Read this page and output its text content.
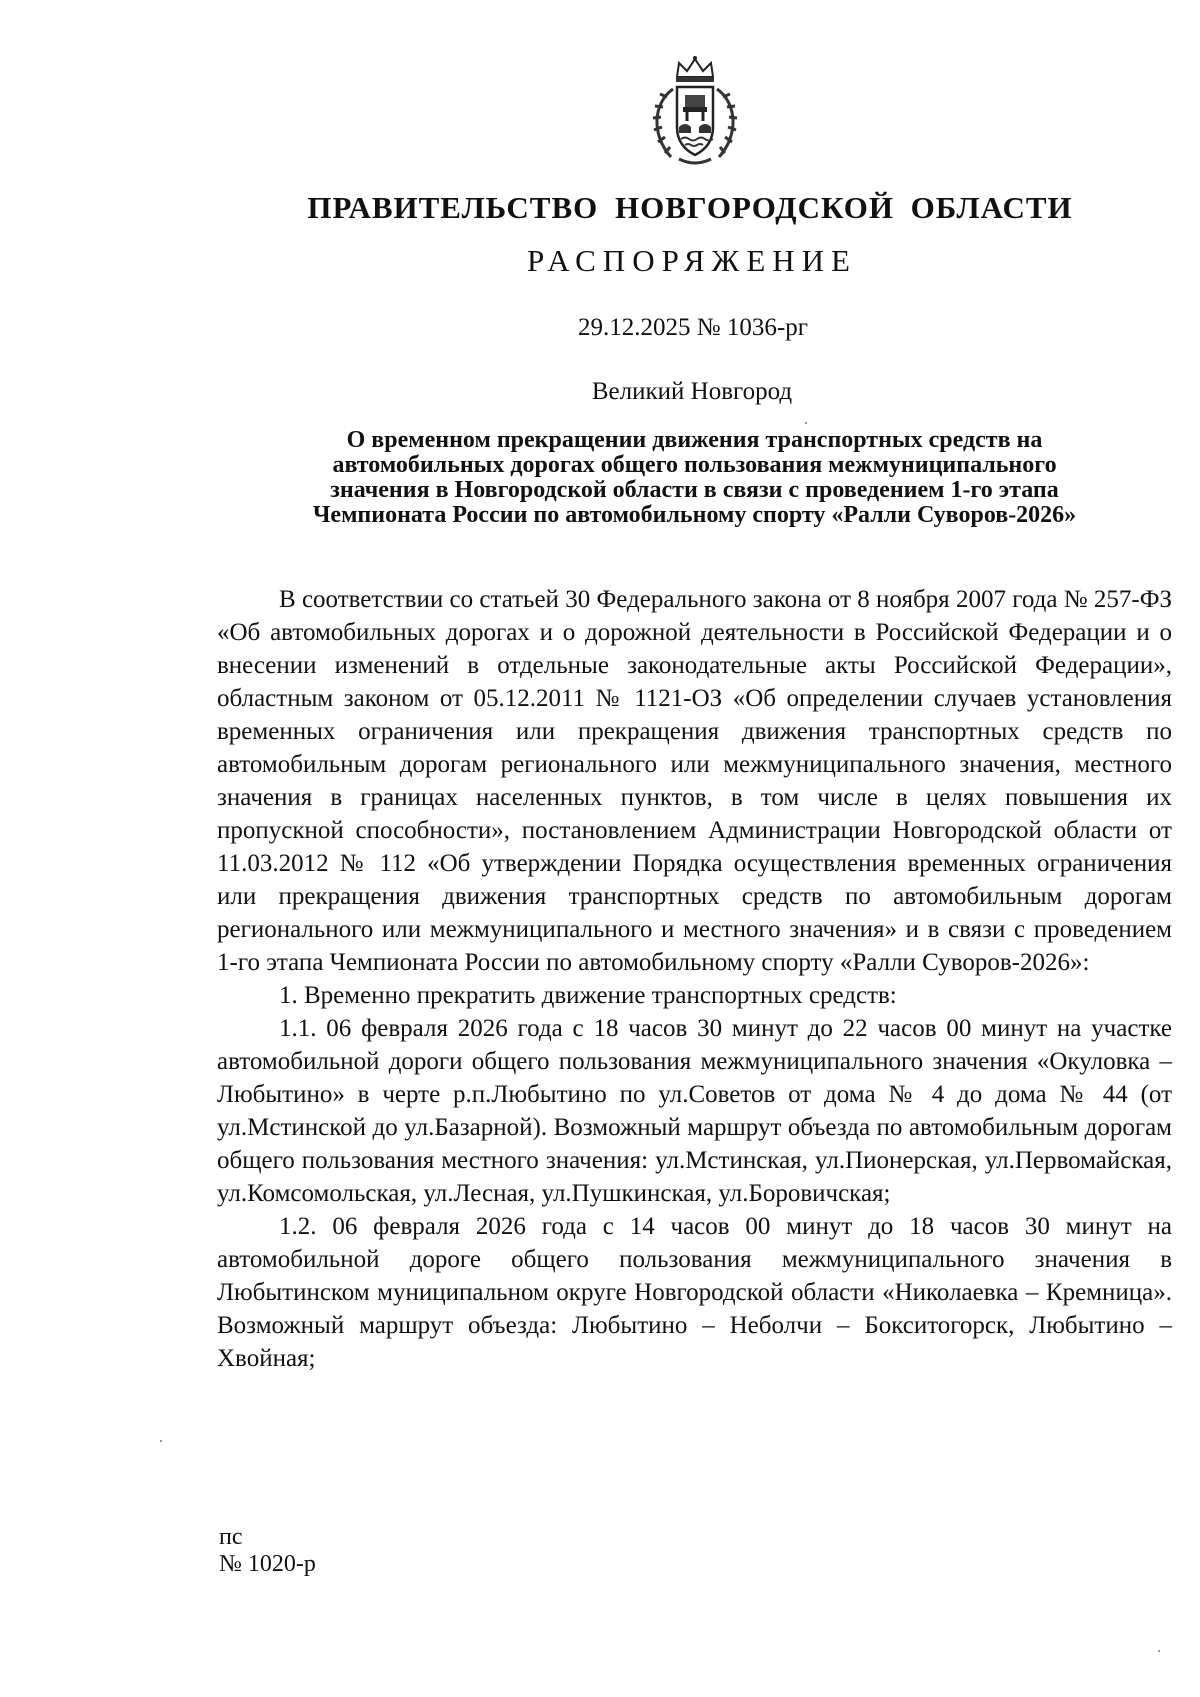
ПРАВИТЕЛЬСТВО НОВГОРОДСКОЙ ОБЛАСТИ
РАСПОРЯЖЕНИЕ
29.12.2025 № 1036-рг
Великий Новгород
О временном прекращении движения транспортных средств на
автомобильных дорогах общего пользования межмуниципального
значения в Новгородской области в связи с проведением 1-го этапа
Чемпионата России по автомобильному спорту «Ралли Суворов-2026»

В соответствии со статьей 30 Федерального закона от 8 ноября 2007 года № 257-ФЗ «Об автомобильных дорогах и о дорожной деятельности в Российской Федерации и о внесении изменений в отдельные законодательные акты Российской Федерации», областным законом от 05.12.2011 № 1121-ОЗ «Об определении случаев установления временных ограничения или прекращения движения транспортных средств по автомобильным дорогам регионального или межмуниципального значения, местного значения в границах населенных пунктов, в том числе в целях повышения их пропускной способности», постановлением Администрации Новгородской области от 11.03.2012 № 112 «Об утверждении Порядка осуществления временных ограничения или прекращения движения транспортных средств по автомобильным дорогам регионального или межмуниципального и местного значения» и в связи с проведением 1-го этапа Чемпионата России по автомобильному спорту «Ралли Суворов-2026»:

1. Временно прекратить движение транспортных средств:

1.1. 06 февраля 2026 года с 18 часов 30 минут до 22 часов 00 минут на участке автомобильной дороги общего пользования межмуниципального значения «Окуловка – Любытино» в черте р.п.Любытино по ул.Советов от дома № 4 до дома № 44 (от ул.Мстинской до ул.Базарной). Возможный маршрут объезда по автомобильным дорогам общего пользования местного значения: ул.Мстинская, ул.Пионерская, ул.Первомайская, ул.Комсомольская, ул.Лесная, ул.Пушкинская, ул.Боровичская;

1.2. 06 февраля 2026 года с 14 часов 00 минут до 18 часов 30 минут на автомобильной дороге общего пользования межмуниципального значения в Любытинском муниципальном округе Новгородской области «Николаевка – Кремница». Возможный маршрут объезда: Любытино – Неболчи – Бокситогорск, Любытино – Хвойная;

пс
№ 1020-р
